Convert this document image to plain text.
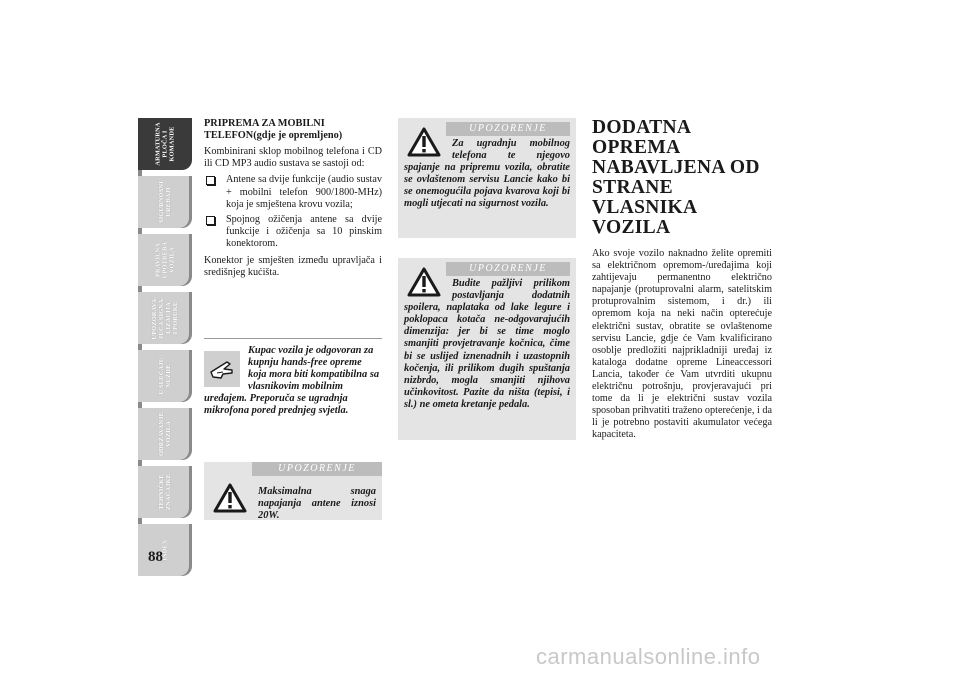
ARMATURNA
PLOČA I
KOMANDE
SIGURNOSNI
UREĐAJI
PRAVILNA
UPOTREBA
VOZILA
UPOZORAVA-
JUĆA SIGNA-
LIZACIJA
I PORUKE
U SLUČAJU
NUŽDE
ODRŽAVANJE
VOZILA
TEHNIČKE
ZNAČAJKE
INDEX
88
PRIPREMA ZA MOBILNI TELEFON(gdje je opremljeno)
Kombinirani sklop mobilnog telefona i CD ili CD MP3 audio sustava se sastoji od:
Antene sa dvije funkcije (audio sustav + mobilni telefon 900/1800-MHz) koja je smještena krovu vozila;
Spojnog ožičenja antene sa dvije funkcije i ožičenja sa 10 pinskim konektorom.
Konektor je smješten između upravljača i središnjeg kućišta.
Kupac vozila je odgovoran za kupnju hands-free opreme koja mora biti kompatibilna sa vlasnikovim mobilnim uređajem. Preporuča se ugradnja mikrofona pored prednjeg svjetla.
UPOZORENJE
Maksimalna snaga napajanja antene iznosi 20W.
UPOZORENJE
Za ugradnju mobilnog telefona te njegovo spajanje na pripremu vozila, obratite se ovlaštenom servisu Lancie kako bi se onemogućila pojava kvarova koji bi mogli utjecati na sigurnost vozila.
UPOZORENJE
Budite pažljivi prilikom postavljanja dodatnih spoilera, naplataka od lake legure i poklopaca kotača ne-odgovarajućih dimenzija: jer bi se time moglo smanjiti provjetravanje kočnica, čime bi se uslijed iznenadnih i uzastopnih kočenja, ili prilikom dugih spuštanja nizbrdo, mogla smanjiti njihova učinkovitost. Pazite da ništa (tepisi, i sl.) ne ometa kretanje pedala.
DODATNA OPREMA NABAVLJENA OD STRANE VLASNIKA VOZILA
Ako svoje vozilo naknadno želite opremiti sa električnom opremom-/uređajima koji zahtijevaju permanentno električno napajanje (protuprovalni alarm, satelitskim protuprovalnim sistemom, i dr.) ili opremom koja na neki način opterećuje električni sustav, obratite se ovlaštenome servisu Lancie, gdje će Vam kvalificirano osoblje predložiti najprikladniji uređaj iz kataloga dodatne opreme Lineaccessori Lancia, također će Vam utvrditi ukupnu električnu potrošnju, provjeravajući pri tome da li je električni sustav vozila sposoban prihvatiti traženo opterećenje, i da li je potrebno postaviti akumulator većega kapaciteta.
carmanualsonline.info
